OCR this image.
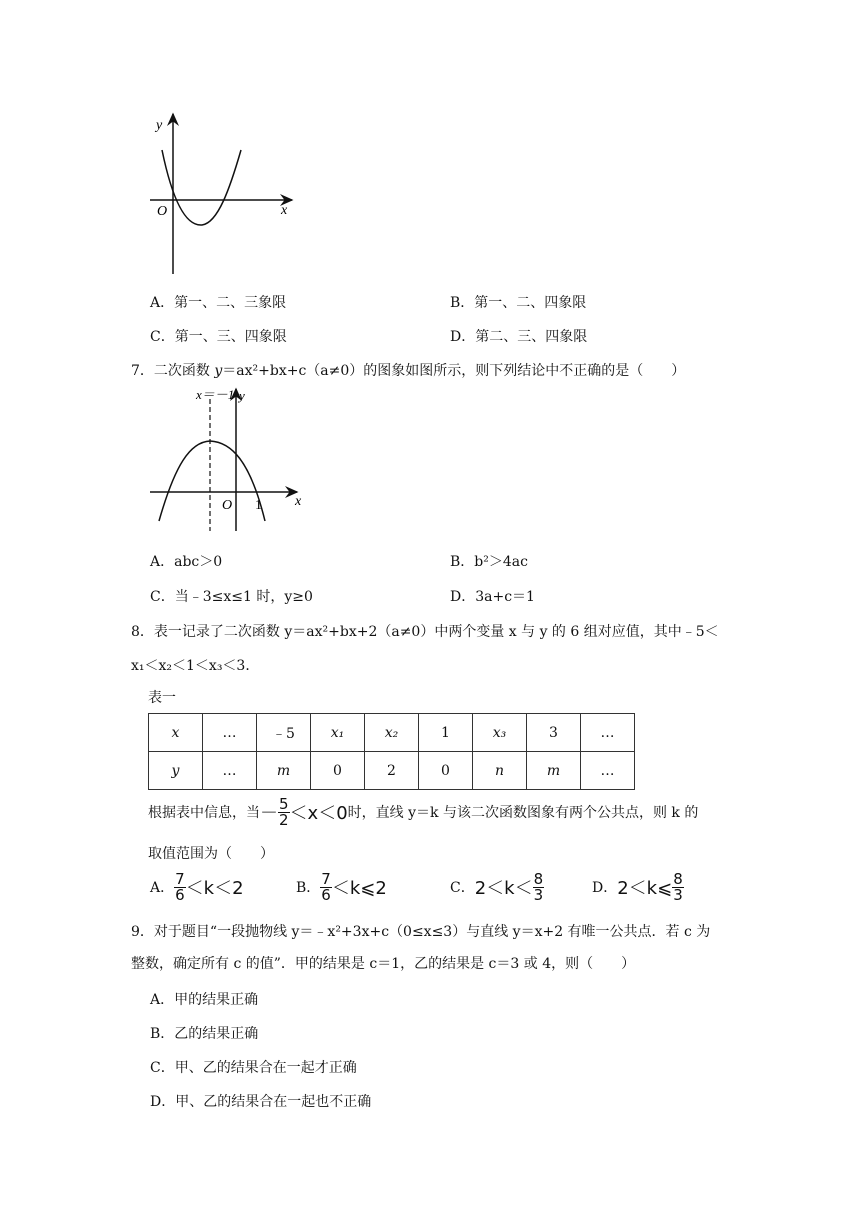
y
x
O
A．第一、二、三象限	B．第一、二、四象限
C．第一、三、四象限	D．第二、三、四象限
7．二次函数 y＝ax²+bx+c（a≠0）的图象如图所示，则下列结论中不正确的是（　　）
x＝－1 y
x
O 1
A．abc＞0	B．b²＞4ac
C．当﹣3≤x≤1 时，y≥0	D．3a+c＝1
8．表一记录了二次函数 y＝ax²+bx+2（a≠0）中两个变量 x 与 y 的 6 组对应值，其中﹣5＜
x₁＜x₂＜1＜x₃＜3．
表一
x	…	﹣5	x₁	x₂	1	x₃	3	…
y	…	m	0	2	0	n	m	…
根据表中信息，当－ $\frac{5}{2} <x<0$时，直线 y＝k 与该二次函数图象有两个公共点，则 k 的
取值范围为（　　）
A． $\frac{7}{6} <k<2$	B． $\frac{7}{6}$ ＜k⩽2	C．$2<k< \frac{8}{3}$	D．2＜k⩽ $\frac{8}{3}$
9．对于题目“一段抛物线 y＝﹣x²+3x+c（0≤x≤3）与直线 y＝x+2 有唯一公共点．若 c 为
整数，确定所有 c 的值”．甲的结果是 c＝1，乙的结果是 c＝3 或 4，则（　　）
A．甲的结果正确
B．乙的结果正确
C．甲、乙的结果合在一起才正确
D．甲、乙的结果合在一起也不正确
